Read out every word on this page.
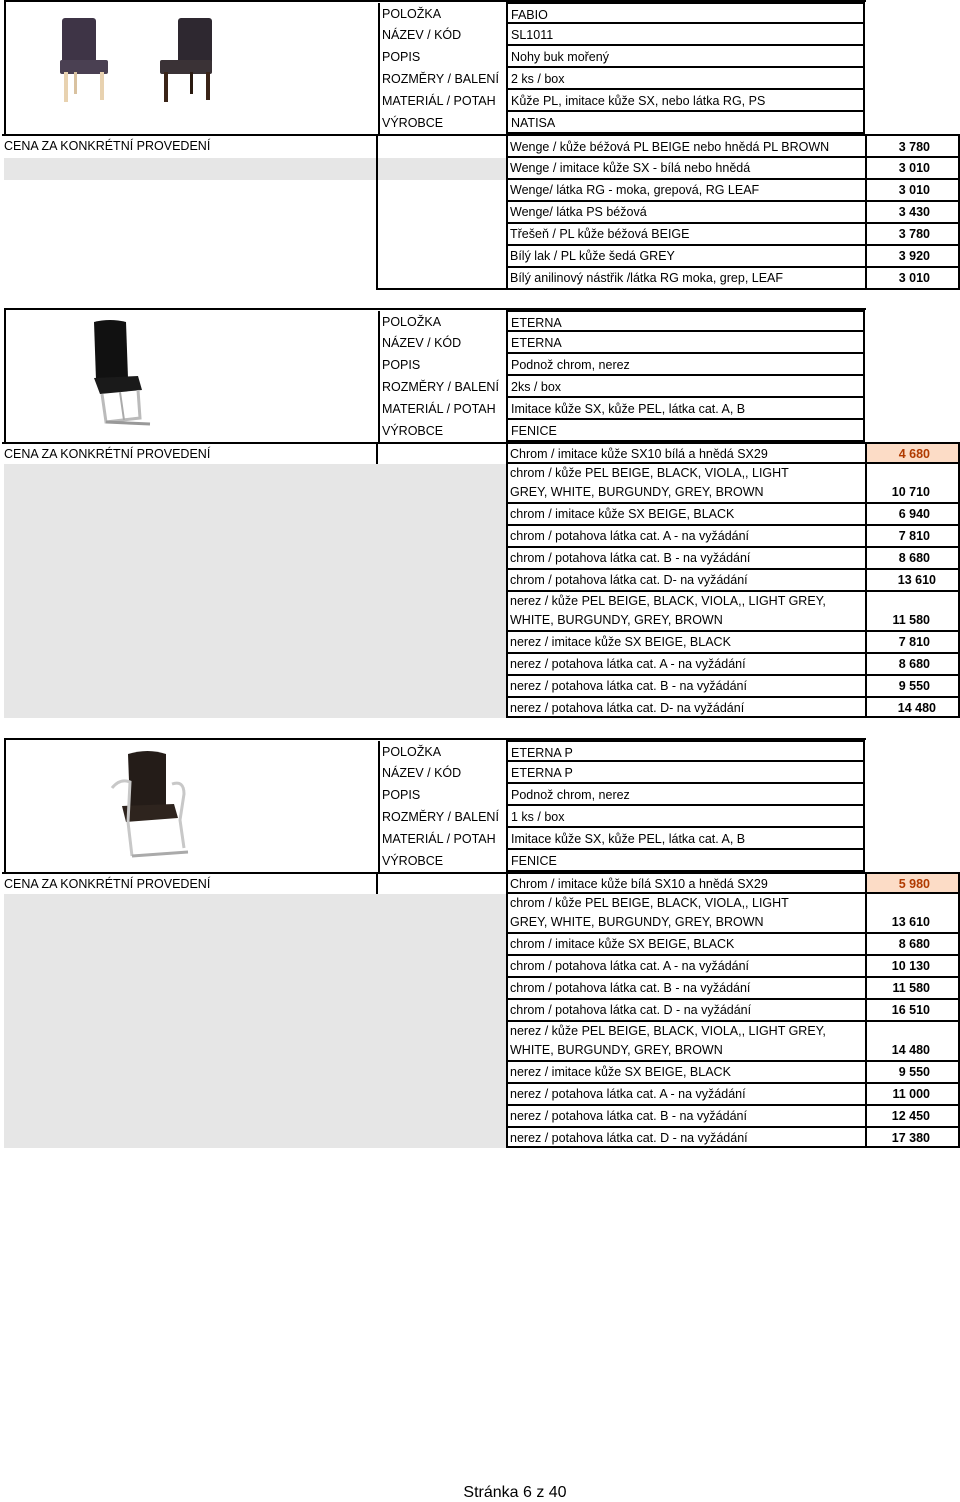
POLOŽKA	FABIO
NÁZEV / KÓD	SL1011
POPIS	Nohy buk mořený
ROZMĚRY / BALENÍ 2 ks / box
MATERIÁL / POTAH	Kůže PL, imitace kůže SX, nebo látka RG, PS
VÝROBCE	NATISA
CENA ZA KONKRÉTNÍ PROVEDENÍ	Wenge / kůže béžová PL BEIGE nebo hnědá PL BROWN	3 780
Wenge / imitace kůže SX - bílá nebo hnědá	3 010
Wenge/ látka RG - moka, grepová, RG LEAF	3 010
Wenge/ látka PS béžová	3 430
Třešeň / PL kůže béžová BEIGE	3 780
Bílý lak / PL kůže šedá GREY	3 920
Bílý anilinový nástřik /látka RG moka, grep, LEAF	3 010
POLOŽKA	ETERNA
NÁZEV / KÓD	ETERNA
POPIS	Podnož chrom, nerez
ROZMĚRY / BALENÍ 2ks / box
MATERIÁL / POTAH	Imitace kůže SX, kůže PEL, látka cat. A, B
VÝROBCE	FENICE
CENA ZA KONKRÉTNÍ PROVEDENÍ	Chrom / imitace kůže SX10 bílá a hnědá SX29	4 680
chrom / kůže PEL BEIGE, BLACK, VIOLA,, LIGHT GREY, WHITE, BURGUNDY, GREY, BROWN	10 710
chrom / imitace kůže SX BEIGE, BLACK	6 940
chrom / potahova látka cat. A - na vyžádání	7 810
chrom / potahova látka cat. B - na vyžádání	8 680
chrom / potahova látka cat. D- na vyžádání	13 610
nerez / kůže PEL BEIGE, BLACK, VIOLA,, LIGHT GREY, WHITE, BURGUNDY, GREY, BROWN	11 580
nerez / imitace kůže SX BEIGE, BLACK	7 810
nerez / potahova látka cat. A - na vyžádání	8 680
nerez / potahova látka cat. B - na vyžádání	9 550
nerez / potahova látka cat. D- na vyžádání	14 480
POLOŽKA	ETERNA P
NÁZEV / KÓD	ETERNA P
POPIS	Podnož chrom, nerez
ROZMĚRY / BALENÍ 1 ks / box
MATERIÁL / POTAH	Imitace kůže SX, kůže PEL, látka cat. A, B
VÝROBCE	FENICE
CENA ZA KONKRÉTNÍ PROVEDENÍ	Chrom / imitace kůže bílá SX10 a hnědá SX29	5 980
chrom / kůže PEL BEIGE, BLACK, VIOLA,, LIGHT GREY, WHITE, BURGUNDY, GREY, BROWN	13 610
chrom / imitace kůže SX BEIGE, BLACK	8 680
chrom / potahova látka cat. A - na vyžádání	10 130
chrom / potahova látka cat. B - na vyžádání	11 580
chrom / potahova látka cat. D - na vyžádání	16 510
nerez / kůže PEL BEIGE, BLACK, VIOLA,, LIGHT GREY, WHITE, BURGUNDY, GREY, BROWN	14 480
nerez / imitace kůže SX BEIGE, BLACK	9 550
nerez / potahova látka cat. A - na vyžádání	11 000
nerez / potahova látka cat. B - na vyžádání	12 450
nerez / potahova látka cat. D - na vyžádání	17 380
Stránka 6 z 40
